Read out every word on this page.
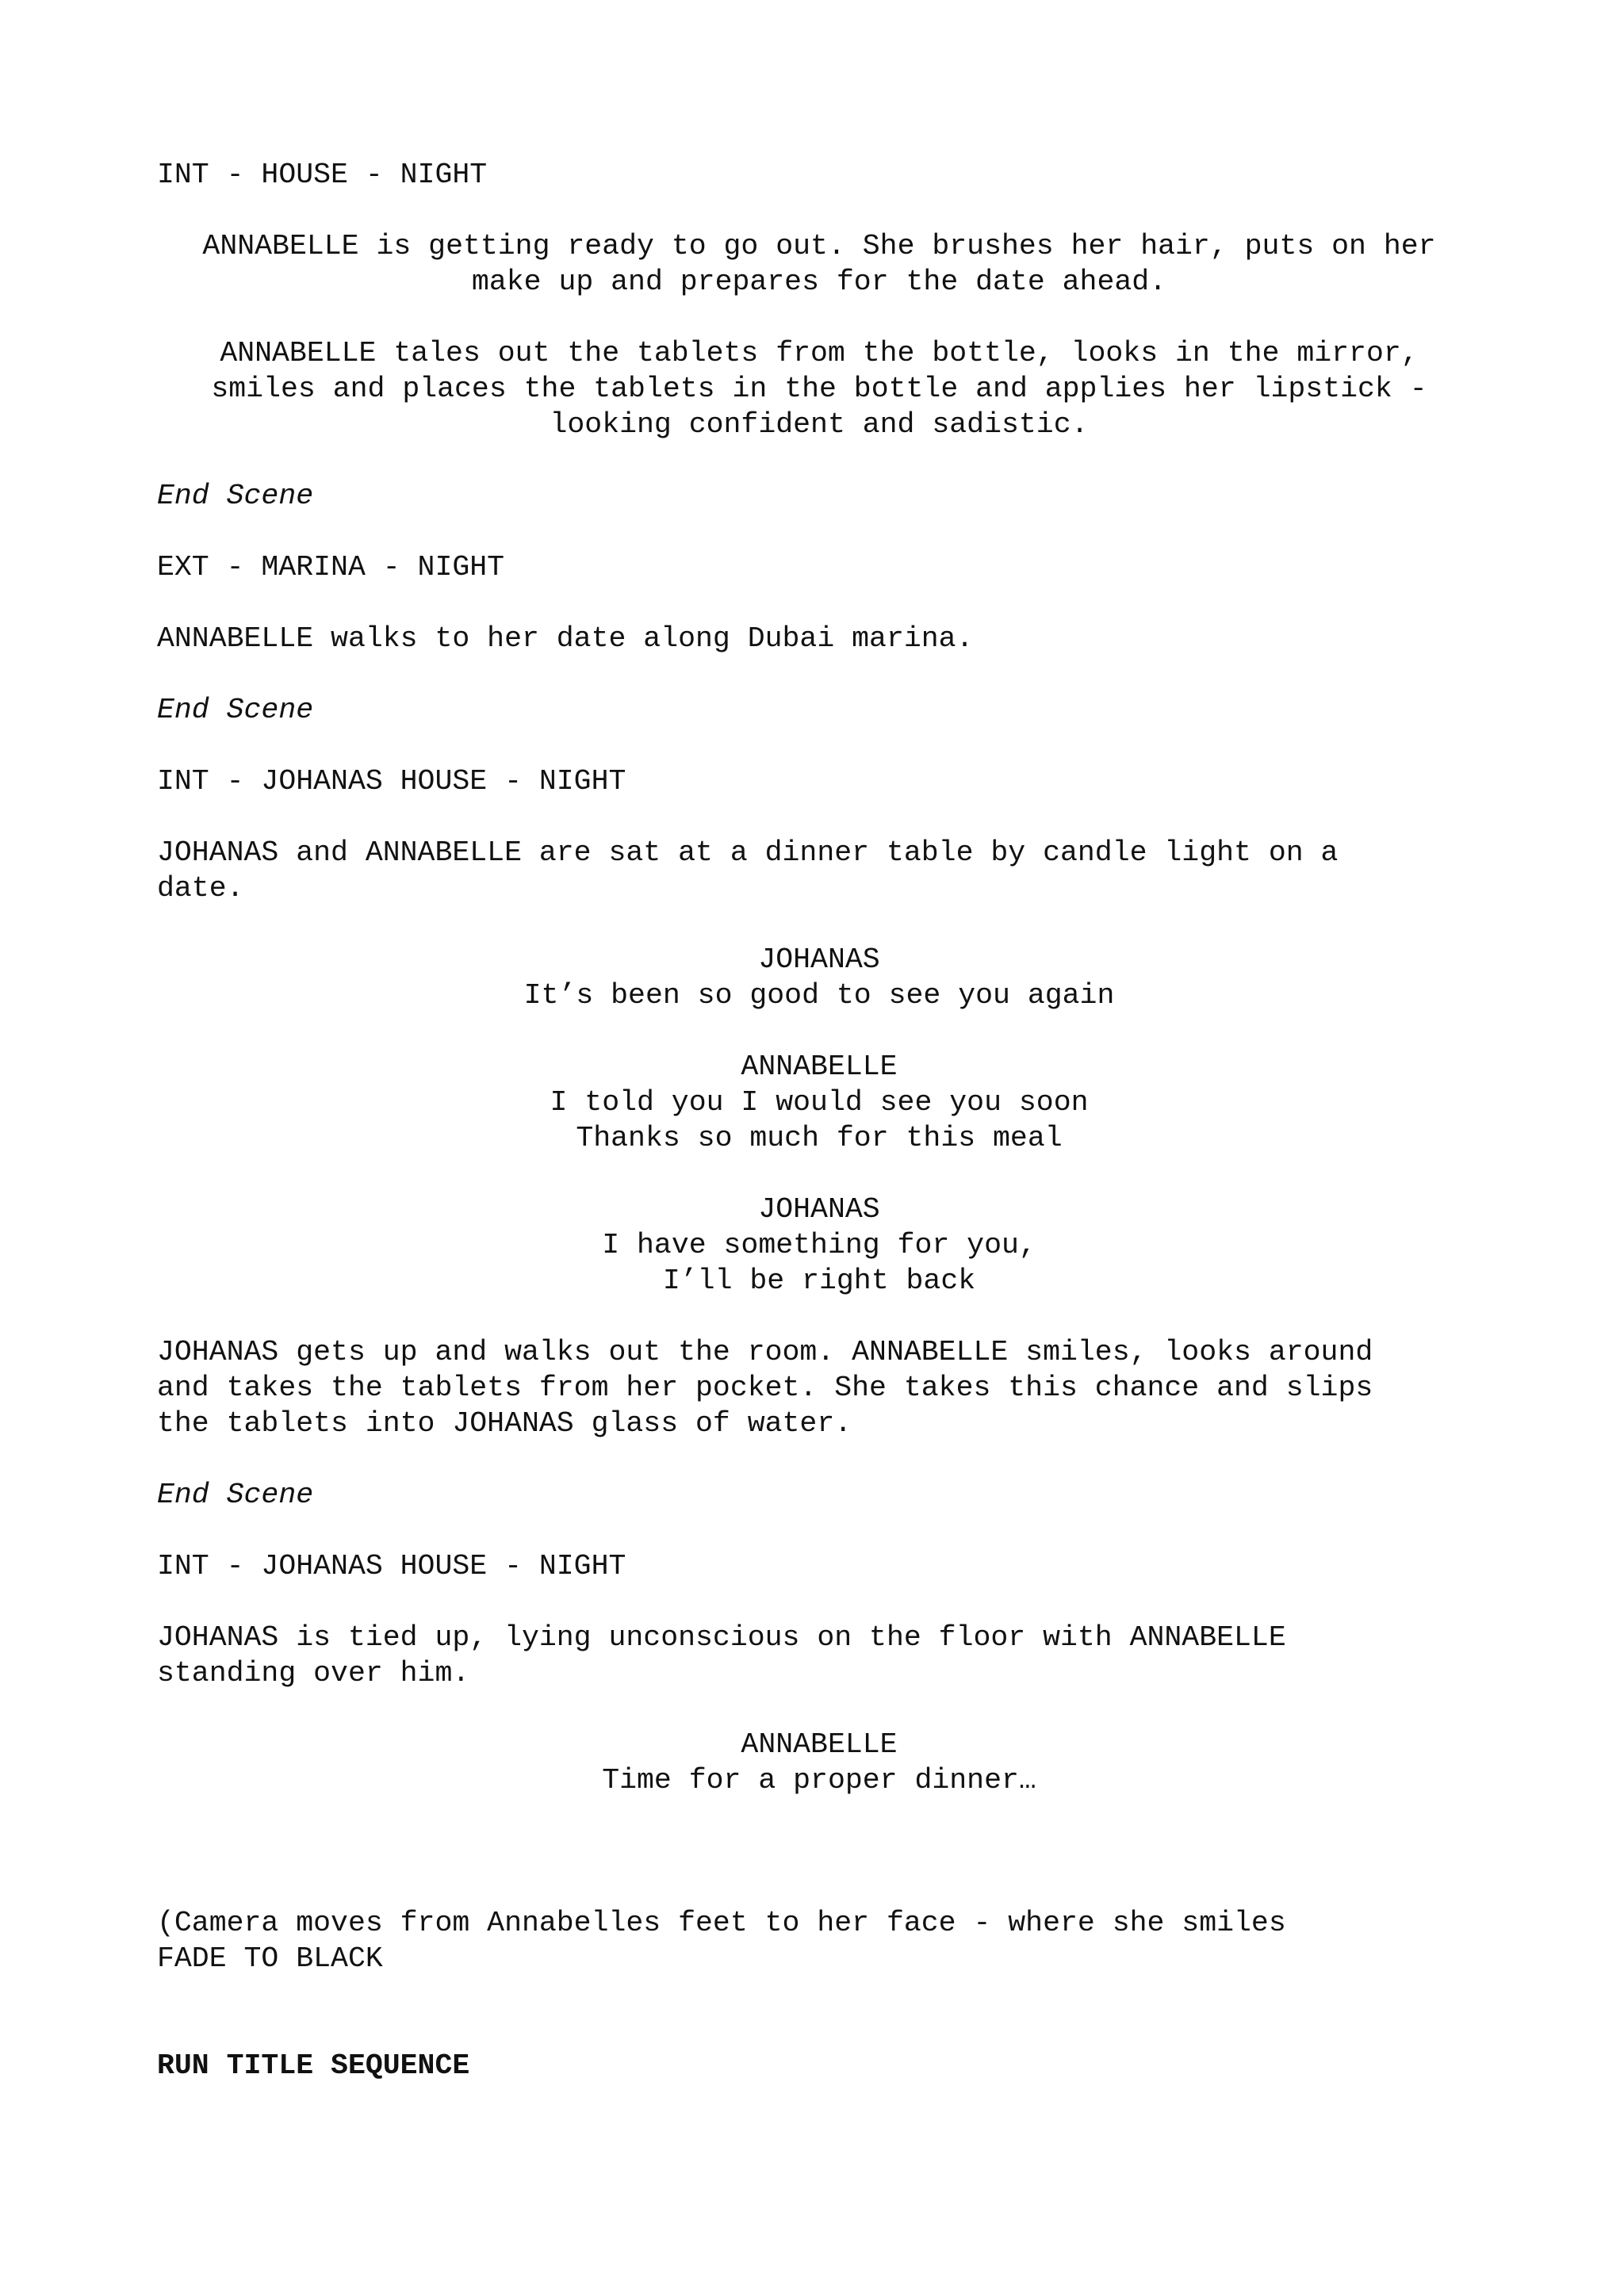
INT - HOUSE - NIGHT
ANNABELLE is getting ready to go out. She brushes her hair, puts on her
make up and prepares for the date ahead.
ANNABELLE tales out the tablets from the bottle, looks in the mirror,
smiles and places the tablets in the bottle and applies her lipstick -
looking confident and sadistic.
End Scene
EXT - MARINA - NIGHT
ANNABELLE walks to her date along Dubai marina.
End Scene
INT - JOHANAS HOUSE - NIGHT
JOHANAS and ANNABELLE are sat at a dinner table by candle light on a
date.
JOHANAS
It’s been so good to see you again
ANNABELLE
I told you I would see you soon
Thanks so much for this meal
JOHANAS
I have something for you,
I’ll be right back
JOHANAS gets up and walks out the room. ANNABELLE smiles, looks around
and takes the tablets from her pocket. She takes this chance and slips
the tablets into JOHANAS glass of water.
End Scene
INT - JOHANAS HOUSE - NIGHT
JOHANAS is tied up, lying unconscious on the floor with ANNABELLE
standing over him.
ANNABELLE
Time for a proper dinner…
(Camera moves from Annabelles feet to her face - where she smiles
FADE TO BLACK
RUN TITLE SEQUENCE
